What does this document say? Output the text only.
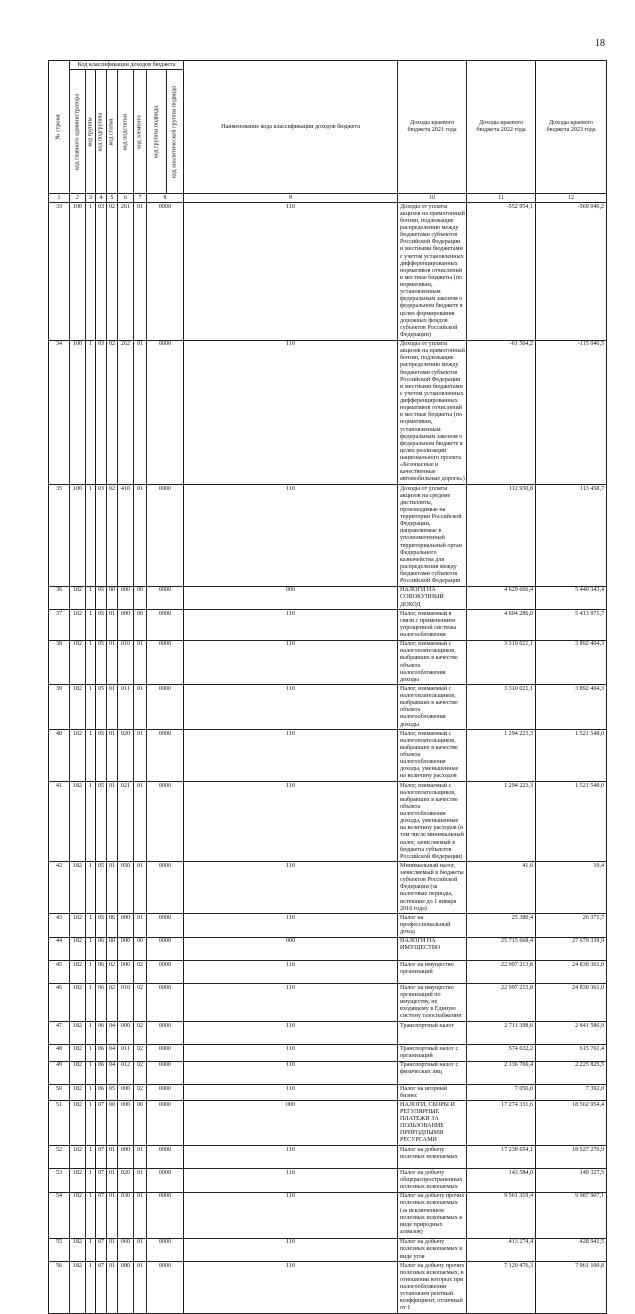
18
№ строки	Код классификации доходов бюджета								Наименование кода классификации доходов бюджета	Доходы краевого бюджета 2021 года	Доходы краевого бюджета 2022 года	Доходы краевого бюджета 2023 года	

	код главного администратора	код группы	код подгруппы	код статьи	код подстатьи	код элемента	код группы подвида	код аналитической группы подвида					

1	2	3	4	5	6	7	8		9	10	11	12	
33	100	1	03	02	261	01	0000		110	Доходы от уплаты акцизов на прямогонный бензин, подлежащие распределению между бюджетами субъектов Российской Федерации и местными бюджетами с учетом установленных дифференцированных нормативов отчислений в местные бюджеты (по нормативам, установленным федеральным законом о федеральном бюджете в целях формирования дорожных фондов субъектов Российской Федерации)	-552 954,1	-569 046,2	
34	100	1	03	02	262	01	0000		110	Доходы от уплаты акцизов на прямогонный бензин, подлежащие распределению между бюджетами субъектов Российской Федерации и местными бюджетами с учетом установленных дифференцированных нормативов отчислений в местные бюджеты (по нормативам, установленным федеральным законом о федеральном бюджете в целях реализации национального проекта «Безопасные и качественные автомобильные дороги»)	-61 504,2	-115 040,5	
35	100	1	03	02	410	01	0000		110	Доходы от уплаты акцизов на средние дистилляты, производимые на территории Российской Федерации, направляемые в уполномоченный территориальный орган Федерального казначейства для распределения между бюджетами субъектов Российской Федерации	112 930,8	113 458,7	
36	182	1	05	00	000	00	0000		000	НАЛОГИ НА СОВОКУПНЫЙ ДОХОД	4 629 666,4	5 440 343,4	
37	182	1	05	01	000	00	0000		110	Налог, взимаемый в связи с применением упрощенной системы налогообложения	4 604 286,0	5 413 971,7	
38	182	1	05	01	010	01	0000		110	Налог, взимаемый с налогоплательщиков, выбравших в качестве объекта налогообложения доходы	3 310 021,1	3 892 404,3	
39	182	1	05	01	011	01	0000		110	Налог, взимаемый с налогоплательщиков, выбравших в качестве объекта налогообложения доходы	3 310 021,1	3 892 404,3	
40	182	1	05	01	020	01	0000		110	Налог, взимаемый с налогоплательщиков, выбравших в качестве объекта налогообложения доходы, уменьшенные на величину расходов	1 294 223,3	1 521 548,0	
41	182	1	05	01	021	01	0000		110	Налог, взимаемый с налогоплательщиков, выбравших в качестве объекта налогообложения доходы, уменьшенные на величину расходов (в том числе минимальный налог, зачисляемый в бюджеты субъектов Российской Федерации)	1 294 223,3	1 521 548,0	
42	182	1	05	01	050	01	0000		110	Минимальный налог, зачисляемый в бюджеты субъектов Российской Федерации (за налоговые периоды, истекшие до 1 января 2016 года)	41,6	19,4	
43	182	1	05	06	000	01	0000		110	Налог на профессиональный доход	25 380,4	26 371,7	
44	182	1	06	00	000	00	0000		000	НАЛОГИ НА ИМУЩЕСТВО	25 715 668,4	27 679 339,9	
45	182	1	06	02	000	02	0000		110	Налог на имущество организаций	22 997 213,8	24 830 361,0	
46	182	1	06	02	010	02	0000		110	Налог на имущество организаций по имуществу, не входящему в Единую систему газоснабжения	22 997 213,8	24 830 361,0	
47	182	1	06	04	000	02	0000		110	Транспортный налог	2 711 398,6	2 841 586,9	
48	182	1	06	04	011	02	0000		110	Транспортный налог с организаций	574 632,2	615 761,4	
49	182	1	06	04	012	02	0000		110	Транспортный налог с физических лиц	2 136 766,4	2 225 825,5	
50	182	1	06	05	000	02	0000		110	Налог на игорный бизнес	7 056,0	7 392,0	
51	182	1	07	00	000	00	0000		000	НАЛОГИ, СБОРЫ И РЕГУЛЯРНЫЕ ПЛАТЕЖИ ЗА ПОЛЬЗОВАНИЕ ПРИРОДНЫМИ РЕСУРСАМИ	17 274 331,6	18 562 954,4	
52	182	1	07	01	000	01	0000		110	Налог на добычу полезных ископаемых	17 238 654,1	18 527 276,9	
53	182	1	07	01	020	01	0000		110	Налог на добычу общераспространенных полезных ископаемых	143 584,0	149 327,5	
54	182	1	07	01	030	01	0000		110	Налог на добычу прочих полезных ископаемых (за исключением полезных ископаемых в виде природных алмазов)	9 561 319,4	9 987 907,1	
55	182	1	07	01	060	01	0000		110	Налог на добычу полезных ископаемых в виде угля	413 274,4	428 941,5	
56	182	1	07	01	080	01	0000		110	Налог на добычу прочих полезных ископаемых, в отношении которых при налогообложении установлен рентный коэффициент, отличный от 1	7 120 476,3	7 961 100,8	
